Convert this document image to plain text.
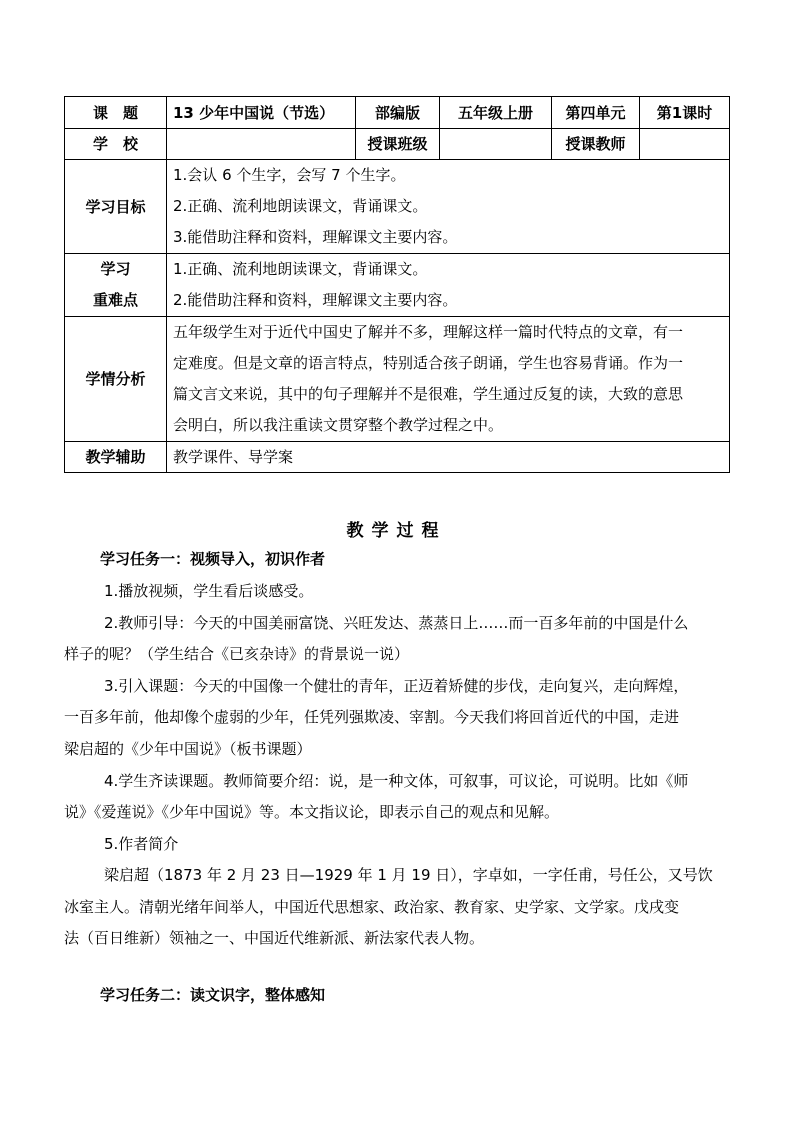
课　题	13 少年中国说（节选）	部编版	五年级上册	第四单元	第1课时
学　校		授课班级		授课教师	
学习目标	1.会认 6 个生字，会写 7 个生字。
2.正确、流利地朗读课文，背诵课文。
3.能借助注释和资料，理解课文主要内容。				

学习
重难点	1.正确、流利地朗读课文，背诵课文。
2.能借助注释和资料，理解课文主要内容。				

学情分析	五年级学生对于近代中国史了解并不多，理解这样一篇时代特点的文章，有一
定难度。但是文章的语言特点，特别适合孩子朗诵，学生也容易背诵。作为一
篇文言文来说，其中的句子理解并不是很难，学生通过反复的读，大致的意思
会明白，所以我注重读文贯穿整个教学过程之中。				

教学辅助	教学课件、导学案				
教学过程
学习任务一：视频导入，初识作者
1.播放视频，学生看后谈感受。
2.教师引导：今天的中国美丽富饶、兴旺发达、蒸蒸日上……而一百多年前的中国是什么
样子的呢？（学生结合《已亥杂诗》的背景说一说）
3.引入课题：今天的中国像一个健壮的青年，正迈着矫健的步伐，走向复兴，走向辉煌，
一百多年前，他却像个虚弱的少年，任凭列强欺凌、宰割。今天我们将回首近代的中国，走进
梁启超的《少年中国说》（板书课题）
4.学生齐读课题。教师简要介绍：说，是一种文体，可叙事，可议论，可说明。比如《师
说》《爱莲说》《少年中国说》等。本文指议论，即表示自己的观点和见解。
5.作者简介
梁启超（1873 年 2 月 23 日—1929 年 1 月 19 日），字卓如，一字任甫，号任公，又号饮
冰室主人。清朝光绪年间举人，中国近代思想家、政治家、教育家、史学家、文学家。戊戌变
法（百日维新）领袖之一、中国近代维新派、新法家代表人物。
学习任务二：读文识字，整体感知
